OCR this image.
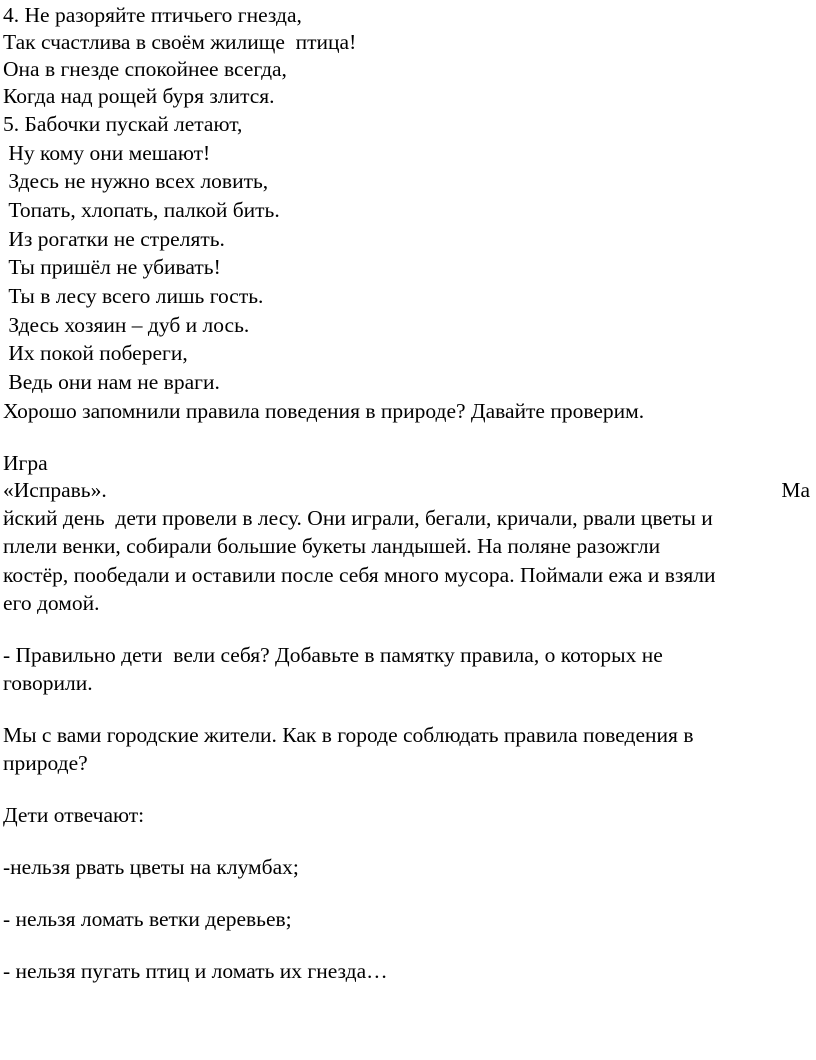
4. Не разоряйте птичьего гнезда,
Так счастлива в своём жилище  птица!
Она в гнезде спокойнее всегда,
Когда над рощей буря злится.
5. Бабочки пускай летают,
Ну кому они мешают!
Здесь не нужно всех ловить,
Топать, хлопать, палкой бить.
Из рогатки не стрелять.
Ты пришёл не убивать!
Ты в лесу всего лишь гость.
Здесь хозяин – дуб и лось.
Их покой побереги,
Ведь они нам не враги.
Хорошо запомнили правила поведения в природе? Давайте проверим.
Игра
«Исправь».	Ма
йский день  дети провели в лесу. Они играли, бегали, кричали, рвали цветы и
плели венки, собирали большие букеты ландышей. На поляне разожгли
костёр, пообедали и оставили после себя много мусора. Поймали ежа и взяли
его домой.
- Правильно дети  вели себя? Добавьте в памятку правила, о которых не
говорили.
Мы с вами городские жители. Как в городе соблюдать правила поведения в
природе?
Дети отвечают:
-нельзя рвать цветы на клумбах;
- нельзя ломать ветки деревьев;
- нельзя пугать птиц и ломать их гнезда…
